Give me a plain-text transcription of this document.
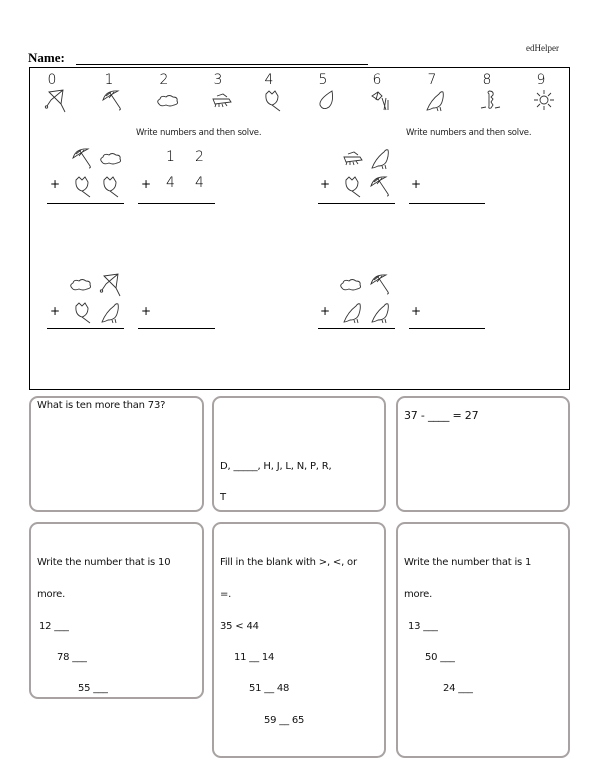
edHelper
Name:
0	1	2	3	4	5	6	7	8	9
Write numbers and then solve.	Write numbers and then solve.
+
1 2
+ 4 4	+	+
+	+	+	+
What is ten more than 73?
D, _____, H, J, L, N, P, R,
T
37 - ____ = 27
Write the number that is 10
more.
12 ___
78 ___
55 ___
Fill in the blank with >, <, or
=.
35 < 44
11 __ 14
51 __ 48
59 __ 65
Write the number that is 1
more.
13 ___
50 ___
24 ___
